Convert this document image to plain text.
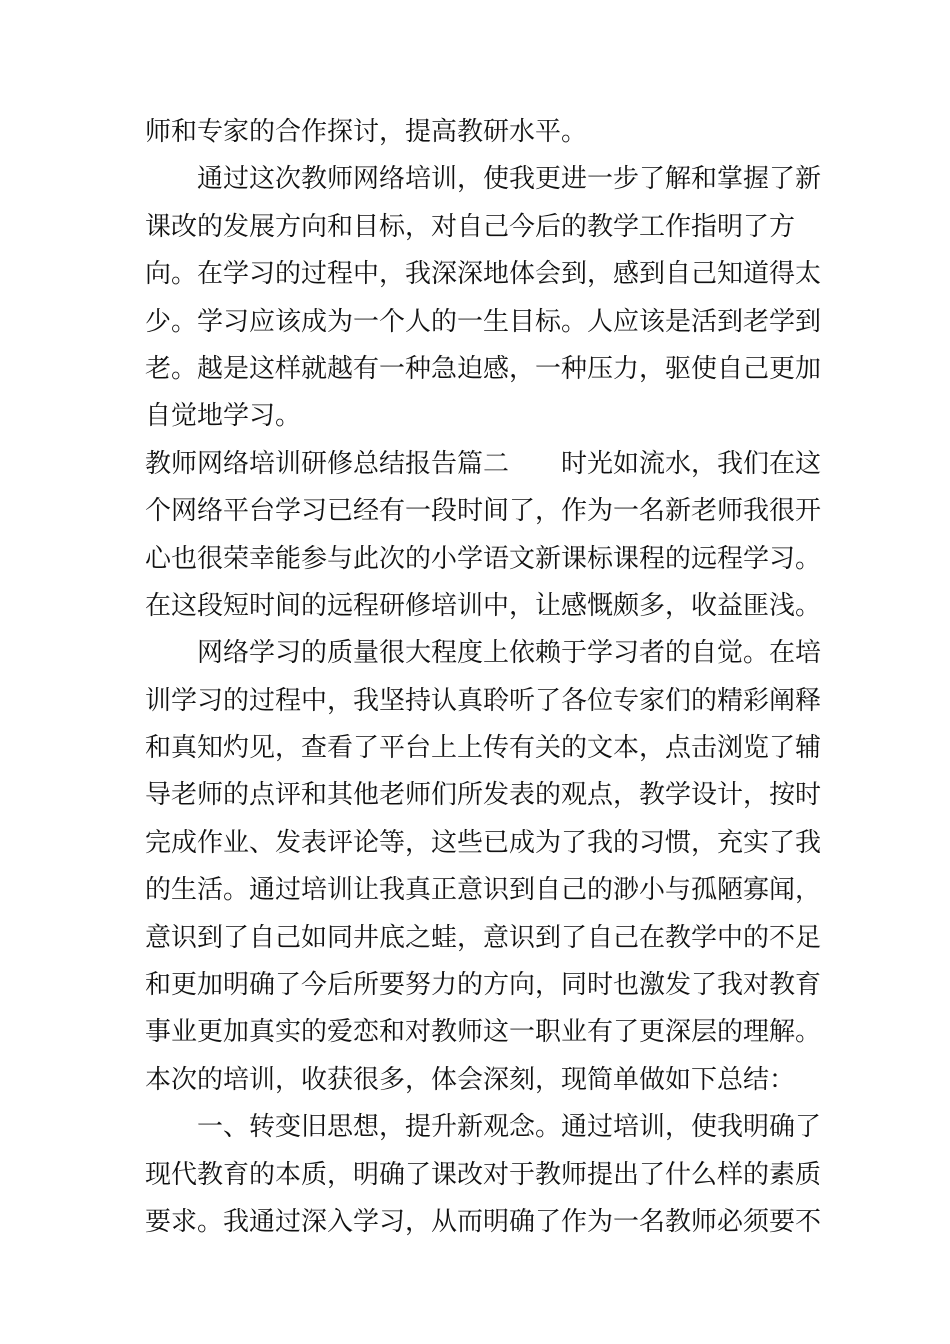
师和专家的合作探讨，提高教研水平。

　　通过这次教师网络培训，使我更进一步了解和掌握了新

课改的发展方向和目标，对自己今后的教学工作指明了方

向。在学习的过程中，我深深地体会到，感到自己知道得太

少。学习应该成为一个人的一生目标。人应该是活到老学到

老。越是这样就越有一种急迫感，一种压力，驱使自己更加

自觉地学习。

教师网络培训研修总结报告篇二　　时光如流水，我们在这

个网络平台学习已经有一段时间了，作为一名新老师我很开

心也很荣幸能参与此次的小学语文新课标课程的远程学习。

在这段短时间的远程研修培训中，让感慨颇多，收益匪浅。

　　网络学习的质量很大程度上依赖于学习者的自觉。在培

训学习的过程中，我坚持认真聆听了各位专家们的精彩阐释

和真知灼见，查看了平台上上传有关的文本，点击浏览了辅

导老师的点评和其他老师们所发表的观点，教学设计，按时

完成作业、发表评论等，这些已成为了我的习惯，充实了我

的生活。通过培训让我真正意识到自己的渺小与孤陋寡闻，

意识到了自己如同井底之蛙，意识到了自己在教学中的不足

和更加明确了今后所要努力的方向，同时也激发了我对教育

事业更加真实的爱恋和对教师这一职业有了更深层的理解。

本次的培训，收获很多，体会深刻，现简单做如下总结：

　　一、转变旧思想，提升新观念。通过培训，使我明确了

现代教育的本质，明确了课改对于教师提出了什么样的素质

要求。我通过深入学习，从而明确了作为一名教师必须要不
